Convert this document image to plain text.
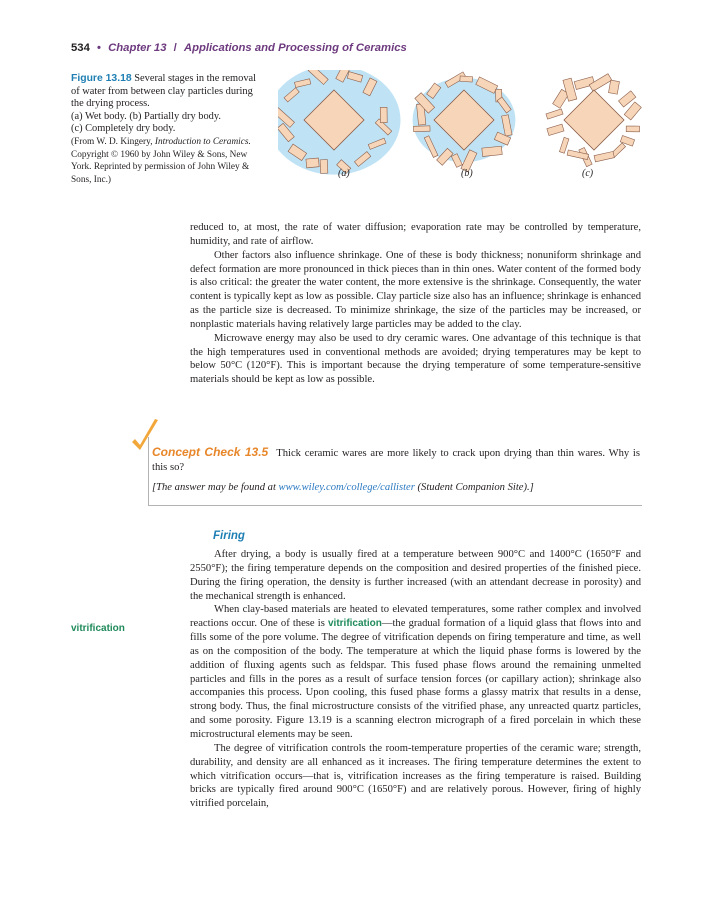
534 • Chapter 13 / Applications and Processing of Ceramics
Figure 13.18 Several stages in the removal of water from between clay particles during the drying process.
(a) Wet body. (b) Partially dry body.
(c) Completely dry body.
(From W. D. Kingery, Introduction to Ceramics. Copyright © 1960 by John Wiley & Sons, New York. Reprinted by permission of John Wiley & Sons, Inc.)
(a)	(b)	(c)

reduced to, at most, the rate of water diffusion; evaporation rate may be controlled by temperature, humidity, and rate of airflow.

Other factors also influence shrinkage. One of these is body thickness; nonuniform shrinkage and defect formation are more pronounced in thick pieces than in thin ones. Water content of the formed body is also critical: the greater the water content, the more extensive is the shrinkage. Consequently, the water content is typically kept as low as possible. Clay particle size also has an influence; shrinkage is enhanced as the particle size is decreased. To minimize shrinkage, the size of the particles may be increased, or nonplastic materials having relatively large particles may be added to the clay.

Microwave energy may also be used to dry ceramic wares. One advantage of this technique is that the high temperatures used in conventional methods are avoided; drying temperatures may be kept to below 50°C (120°F). This is important because the drying temperature of some temperature-sensitive materials should be kept as low as possible.

Concept Check 13.5 Thick ceramic wares are more likely to crack upon drying than thin wares. Why is this so?
[The answer may be found at www.wiley.com/college/callister (Student Companion Site).]
Firing
vitrification

After drying, a body is usually fired at a temperature between 900°C and 1400°C (1650°F and 2550°F); the firing temperature depends on the composition and desired properties of the finished piece. During the firing operation, the density is further increased (with an attendant decrease in porosity) and the mechanical strength is enhanced.

When clay-based materials are heated to elevated temperatures, some rather complex and involved reactions occur. One of these is vitrification—the gradual formation of a liquid glass that flows into and fills some of the pore volume. The degree of vitrification depends on firing temperature and time, as well as on the composition of the body. The temperature at which the liquid phase forms is lowered by the addition of fluxing agents such as feldspar. This fused phase flows around the remaining unmelted particles and fills in the pores as a result of surface tension forces (or capillary action); shrinkage also accompanies this process. Upon cooling, this fused phase forms a glassy matrix that results in a dense, strong body. Thus, the final microstructure consists of the vitrified phase, any unreacted quartz particles, and some porosity. Figure 13.19 is a scanning electron micrograph of a fired porcelain in which these microstructural elements may be seen.

The degree of vitrification controls the room-temperature properties of the ceramic ware; strength, durability, and density are all enhanced as it increases. The firing temperature determines the extent to which vitrification occurs—that is, vitrification increases as the firing temperature is raised. Building bricks are typically fired around 900°C (1650°F) and are relatively porous. However, firing of highly vitrified porcelain,
